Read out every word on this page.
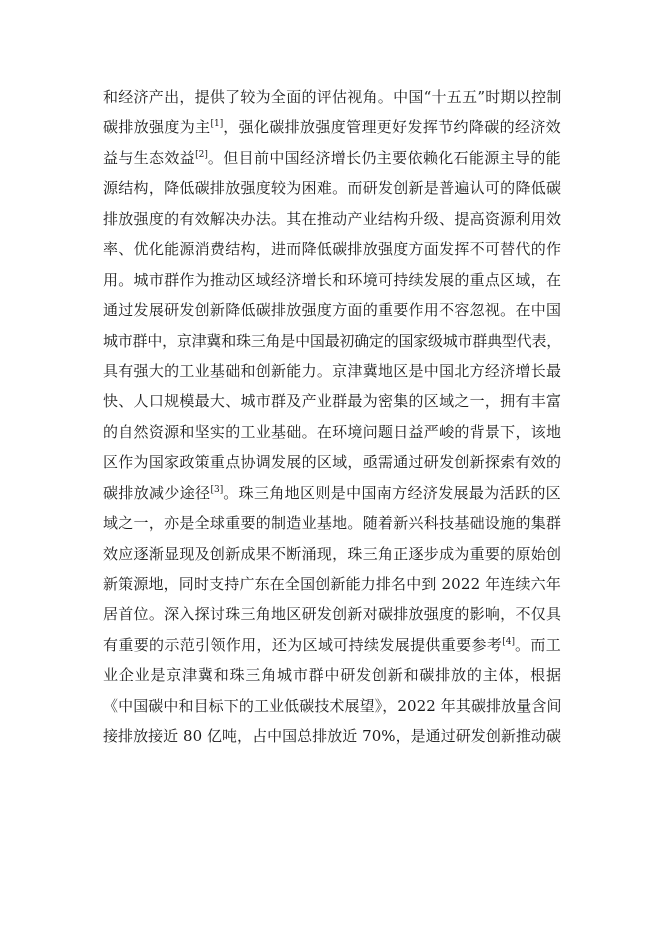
和经济产出，提供了较为全面的评估视角。中国“十五五”时期以控制
碳排放强度为主[1]，强化碳排放强度管理更好发挥节约降碳的经济效
益与生态效益[2]。但目前中国经济增长仍主要依赖化石能源主导的能
源结构，降低碳排放强度较为困难。而研发创新是普遍认可的降低碳
排放强度的有效解决办法。其在推动产业结构升级、提高资源利用效
率、优化能源消费结构，进而降低碳排放强度方面发挥不可替代的作
用。城市群作为推动区域经济增长和环境可持续发展的重点区域，在
通过发展研发创新降低碳排放强度方面的重要作用不容忽视。在中国
城市群中，京津冀和珠三角是中国最初确定的国家级城市群典型代表，
具有强大的工业基础和创新能力。京津冀地区是中国北方经济增长最
快、人口规模最大、城市群及产业群最为密集的区域之一，拥有丰富
的自然资源和坚实的工业基础。在环境问题日益严峻的背景下，该地
区作为国家政策重点协调发展的区域，亟需通过研发创新探索有效的
碳排放减少途径[3]。珠三角地区则是中国南方经济发展最为活跃的区
域之一，亦是全球重要的制造业基地。随着新兴科技基础设施的集群
效应逐渐显现及创新成果不断涌现，珠三角正逐步成为重要的原始创
新策源地，同时支持广东在全国创新能力排名中到 2022 年连续六年
居首位。深入探讨珠三角地区研发创新对碳排放强度的影响，不仅具
有重要的示范引领作用，还为区域可持续发展提供重要参考[4]。而工
业企业是京津冀和珠三角城市群中研发创新和碳排放的主体，根据
《中国碳中和目标下的工业低碳技术展望》，2022 年其碳排放量含间
接排放接近 80 亿吨，占中国总排放近 70%，是通过研发创新推动碳
